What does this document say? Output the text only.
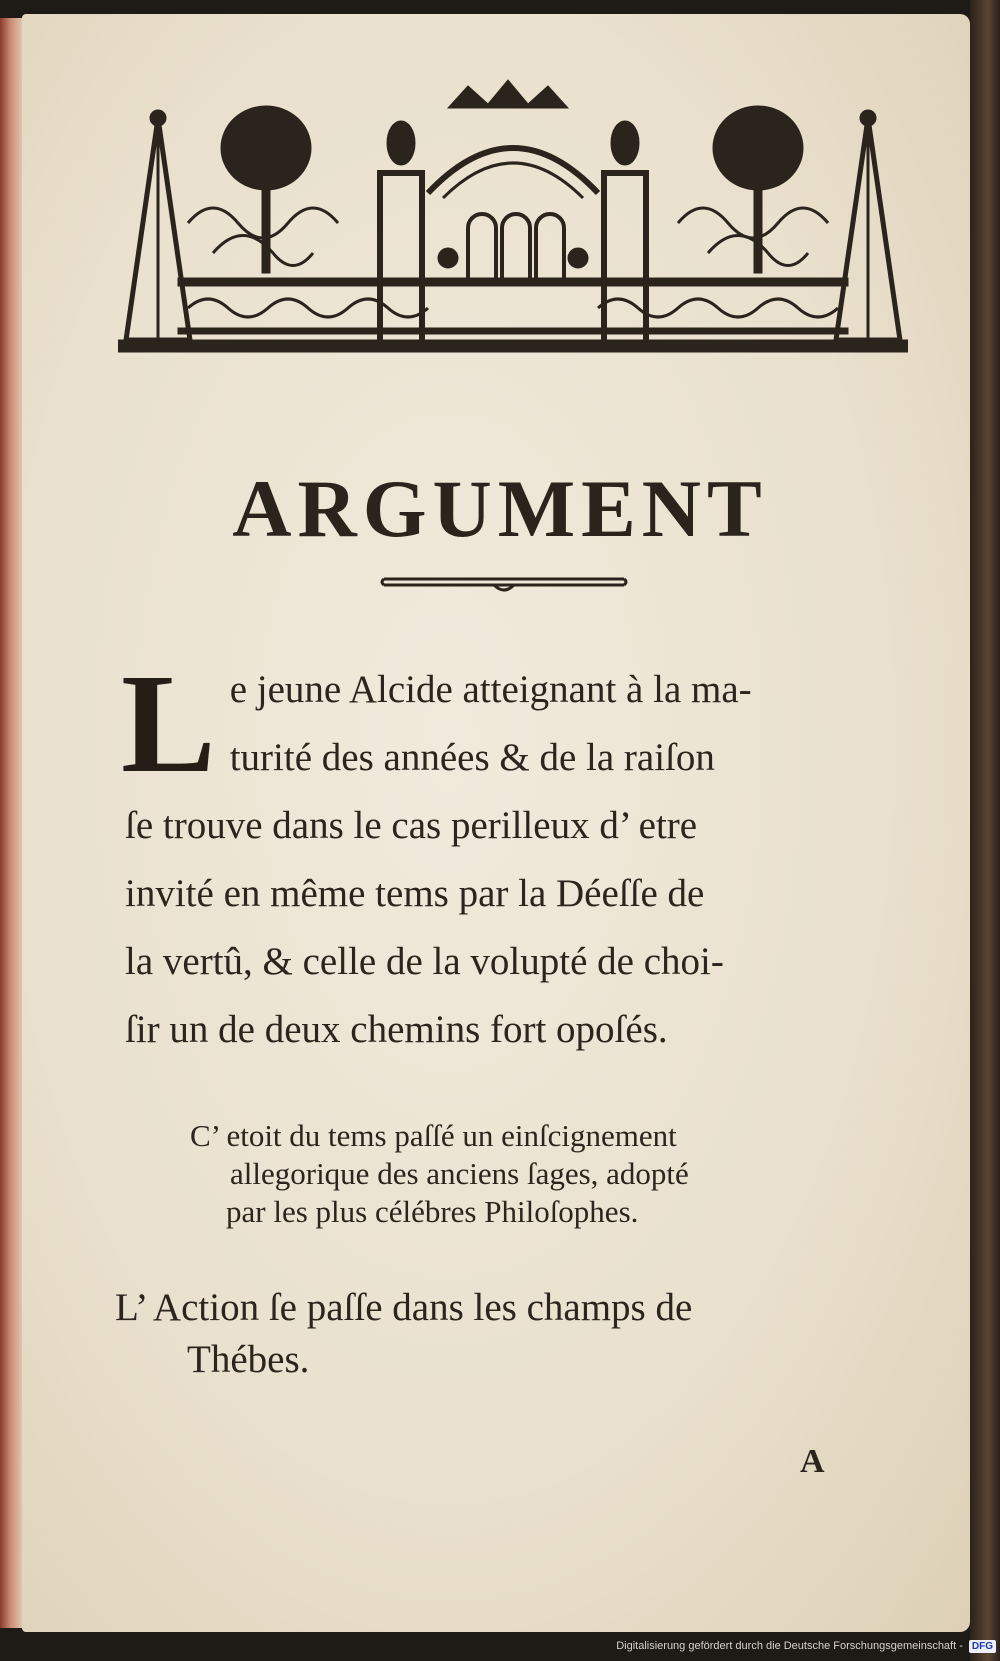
ARGUMENT
L e jeune Alcide atteignant à la ma-
turité des années & de la raiſon
ſe trouve dans le cas perilleux d’ etre
invité en même tems par la Déeſſe de
la vertû, & celle de la volupté de choi-
ſir un de deux chemins fort opoſés.
C’ etoit du tems paſſé un einſcignement
allegorique des anciens ſages, adopté
par les plus célébres Philoſophes.
L’ Action ſe paſſe dans les champs de
Thébes.
A
Digitalisierung gefördert durch die Deutsche Forschungsgemeinschaft - DFG
